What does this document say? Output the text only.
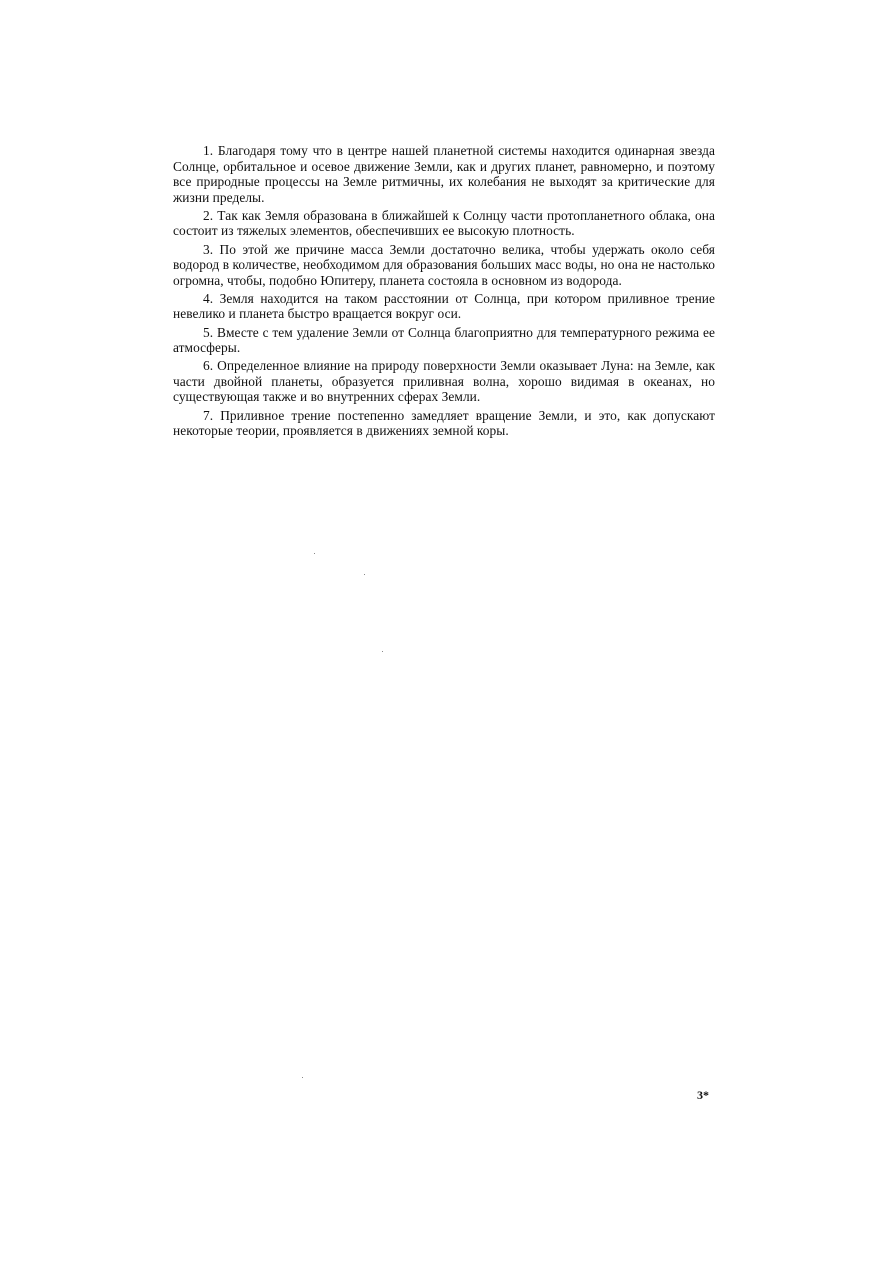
1. Благодаря тому что в центре нашей планетной системы находится одинарная звезда Солнце, орбитальное и осевое движение Земли, как и других планет, равномерно, и поэтому все природные процессы на Земле ритмичны, их колебания не выходят за критические для жизни пределы.

2. Так как Земля образована в ближайшей к Солнцу части протопланетного облака, она состоит из тяжелых элементов, обеспечивших ее высокую плотность.

3. По этой же причине масса Земли достаточно велика, чтобы удержать около себя водород в количестве, необходимом для образования больших масс воды, но она не настолько огромна, чтобы, подобно Юпитеру, планета состояла в основном из водорода.

4. Земля находится на таком расстоянии от Солнца, при котором приливное трение невелико и планета быстро вращается вокруг оси.

5. Вместе с тем удаление Земли от Солнца благоприятно для температурного режима ее атмосферы.

6. Определенное влияние на природу поверхности Земли оказывает Луна: на Земле, как части двойной планеты, образуется приливная волна, хорошо видимая в океанах, но существующая также и во внутренних сферах Земли.

7. Приливное трение постепенно замедляет вращение Земли, и это, как допускают некоторые теории, проявляется в движениях земной коры.

3*
